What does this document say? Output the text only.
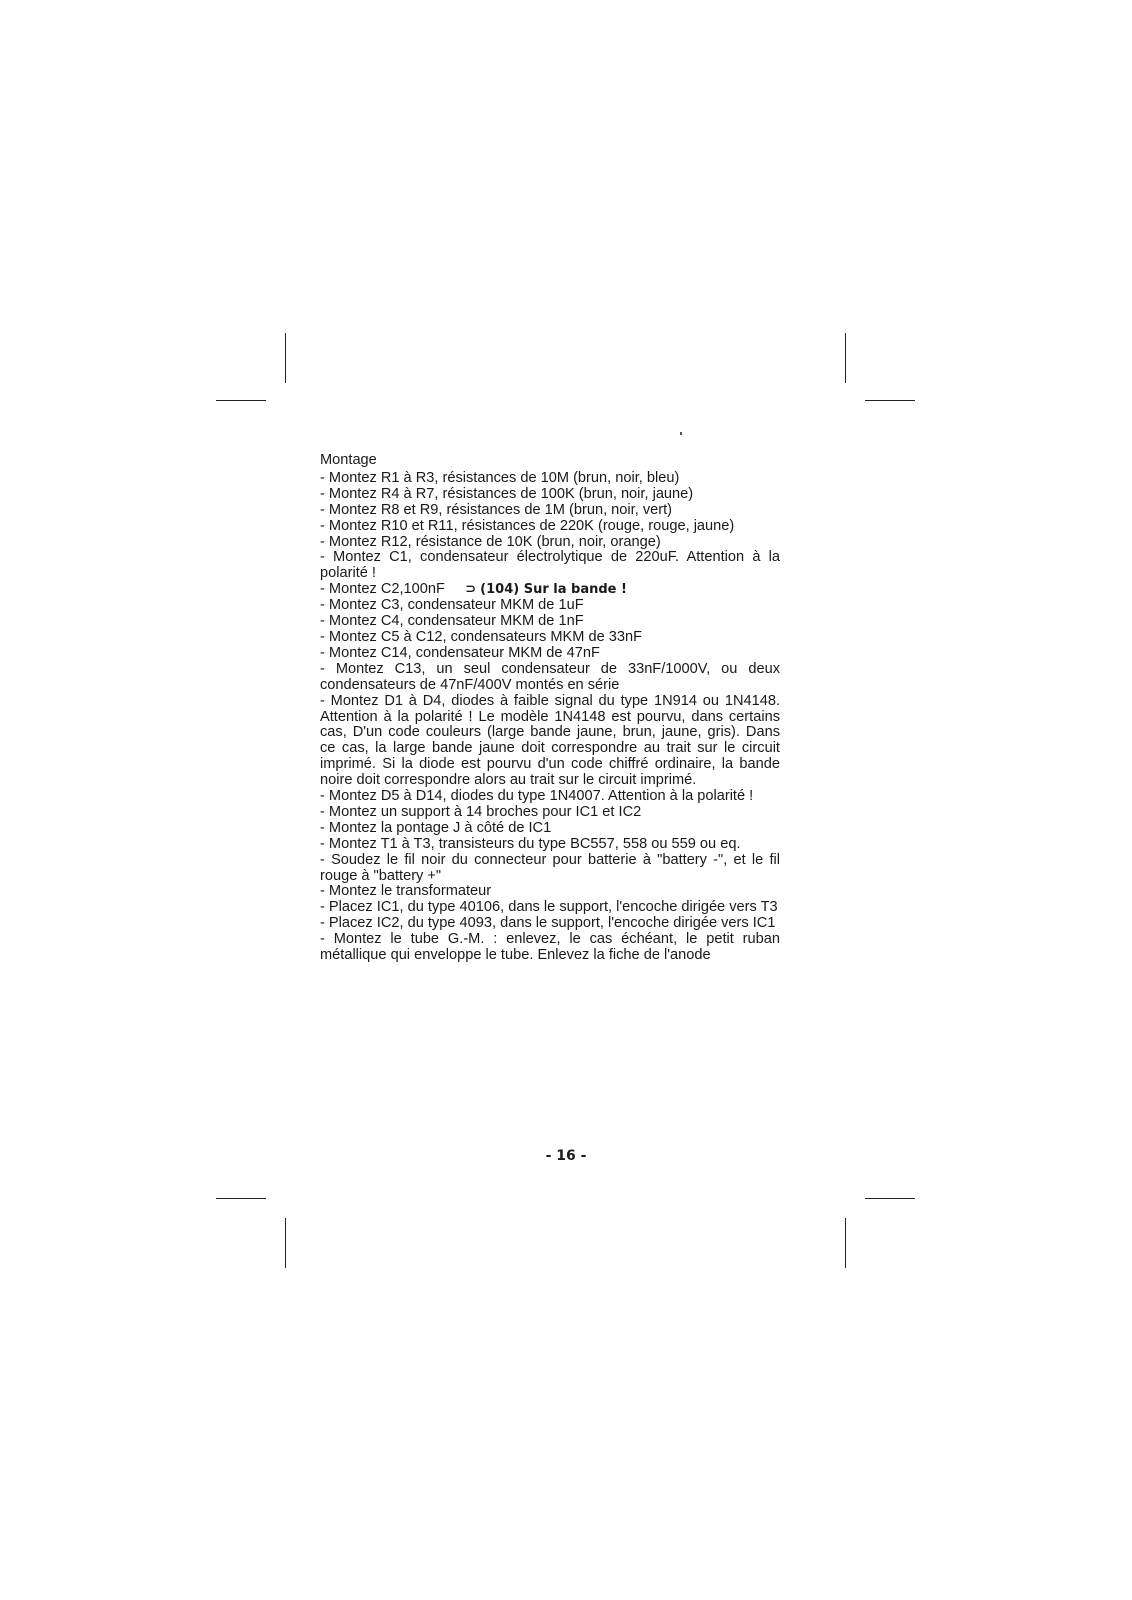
Montage

- Montez R1 à R3, résistances de 10M (brun, noir, bleu)

- Montez R4 à R7, résistances de 100K (brun, noir, jaune)

- Montez R8 et R9, résistances de 1M (brun, noir, vert)

- Montez R10 et R11, résistances de 220K (rouge, rouge, jaune)

- Montez R12, résistance de 10K (brun, noir, orange)

- Montez C1, condensateur électrolytique de 220uF. Attention à la polarité !

- Montez C2,100nF ⊃ (104) Sur la bande !

- Montez C3, condensateur MKM de 1uF

- Montez C4, condensateur MKM de 1nF

- Montez C5 à C12, condensateurs MKM de 33nF

- Montez C14, condensateur MKM de 47nF

- Montez C13, un seul condensateur de 33nF/1000V, ou deux condensateurs de 47nF/400V montés en série

- Montez D1 à D4, diodes à faible signal du type 1N914 ou 1N4148. Attention à la polarité ! Le modèle 1N4148 est pourvu, dans certains cas, D'un code couleurs (large bande jaune, brun, jaune, gris). Dans ce cas, la large bande jaune doit correspondre au trait sur le circuit imprimé. Si la diode est pourvu d'un code chiffré ordinaire, la bande noire doit correspondre alors au trait sur le circuit imprimé.

- Montez D5 à D14, diodes du type 1N4007. Attention à la polarité !

- Montez un support à 14 broches pour IC1 et IC2

- Montez la pontage J à côté de IC1

- Montez T1 à T3, transisteurs du type BC557, 558 ou 559 ou eq.

- Soudez le fil noir du connecteur pour batterie à "battery -", et le fil rouge à "battery +"

- Montez le transformateur

- Placez IC1, du type 40106, dans le support, l'encoche dirigée vers T3

- Placez IC2, du type 4093, dans le support, l'encoche dirigée vers IC1

- Montez le tube G.-M. : enlevez, le cas échéant, le petit ruban métallique qui enveloppe le tube. Enlevez la fiche de l'anode

- 16 -
